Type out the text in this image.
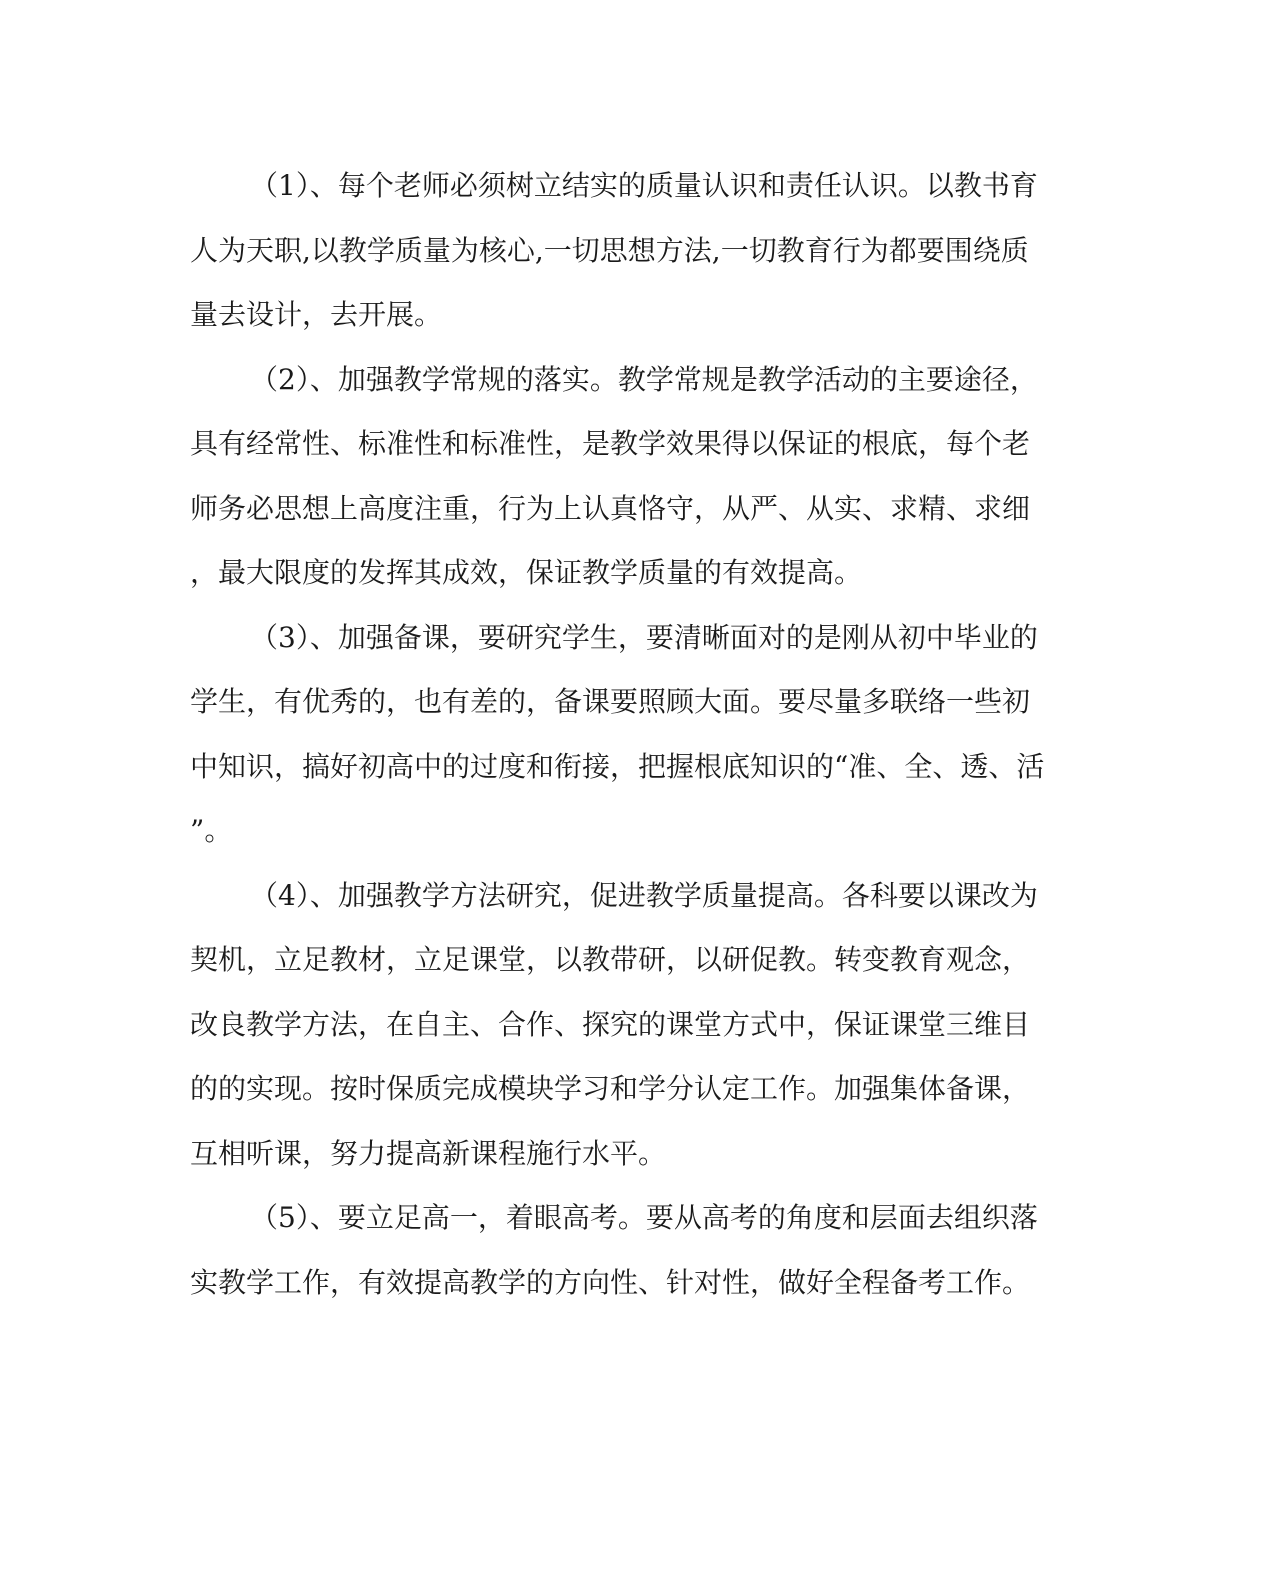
（1）、每个老师必须树立结实的质量认识和责任认识。以教书育
人为天职,以教学质量为核心,一切思想方法,一切教育行为都要围绕质
量去设计，去开展。
（2）、加强教学常规的落实。教学常规是教学活动的主要途径，
具有经常性、标准性和标准性，是教学效果得以保证的根底，每个老
师务必思想上高度注重，行为上认真恪守，从严、从实、求精、求细
，最大限度的发挥其成效，保证教学质量的有效提高。
（3）、加强备课，要研究学生，要清晰面对的是刚从初中毕业的
学生，有优秀的，也有差的，备课要照顾大面。要尽量多联络一些初
中知识，搞好初高中的过度和衔接，把握根底知识的“准、全、透、活
”。
（4）、加强教学方法研究，促进教学质量提高。各科要以课改为
契机，立足教材，立足课堂，以教带研，以研促教。转变教育观念，
改良教学方法，在自主、合作、探究的课堂方式中，保证课堂三维目
的的实现。按时保质完成模块学习和学分认定工作。加强集体备课，
互相听课，努力提高新课程施行水平。
（5）、要立足高一，着眼高考。要从高考的角度和层面去组织落
实教学工作，有效提高教学的方向性、针对性，做好全程备考工作。
